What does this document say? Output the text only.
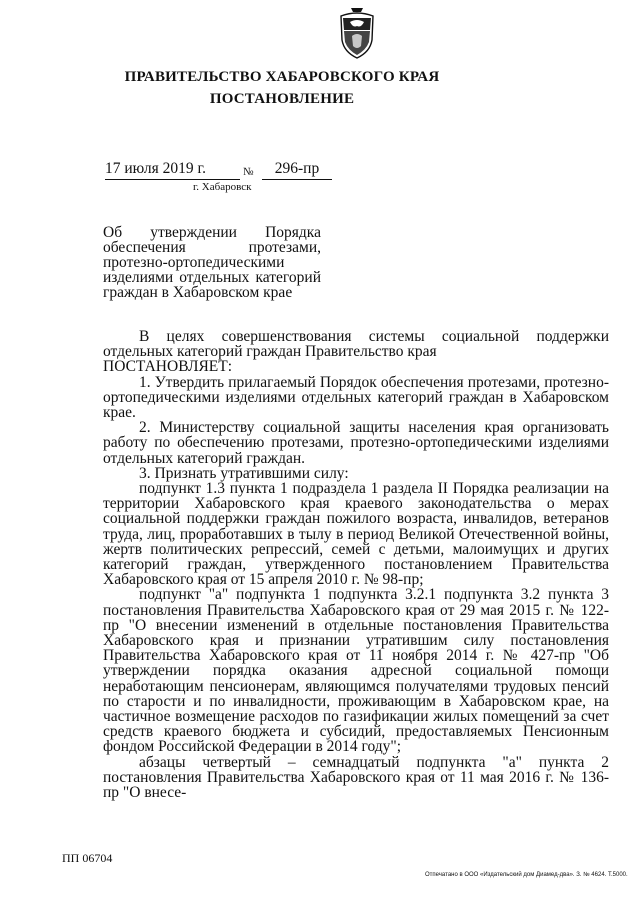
ПРАВИТЕЛЬСТВО ХАБАРОВСКОГО КРАЯ
ПОСТАНОВЛЕНИЕ
17 июля 2019 г.	№	296-пр
г. Хабаровск
Об утверждении Порядка обеспечения протезами, протезно-ортопедическими изделиями отдельных категорий граждан в Хабаровском крае

В целях совершенствования системы социальной поддержки отдельных категорий граждан Правительство края

ПОСТАНОВЛЯЕТ:

1. Утвердить прилагаемый Порядок обеспечения протезами, протезно-ортопедическими изделиями отдельных категорий граждан в Хабаровском крае.

2. Министерству социальной защиты населения края организовать работу по обеспечению протезами, протезно-ортопедическими изделиями отдельных категорий граждан.

3. Признать утратившими силу:

подпункт 1.3 пункта 1 подраздела 1 раздела II Порядка реализации на территории Хабаровского края краевого законодательства о мерах социальной поддержки граждан пожилого возраста, инвалидов, ветеранов труда, лиц, проработавших в тылу в период Великой Отечественной войны, жертв политических репрессий, семей с детьми, малоимущих и других категорий граждан, утвержденного постановлением Правительства Хабаровского края от 15 апреля 2010 г. № 98-пр;

подпункт "а" подпункта 1 подпункта 3.2.1 подпункта 3.2 пункта 3 постановления Правительства Хабаровского края от 29 мая 2015 г. № 122-пр "О внесении изменений в отдельные постановления Правительства Хабаровского края и признании утратившим силу постановления Правительства Хабаровского края от 11 ноября 2014 г. № 427-пр "Об утверждении порядка оказания адресной социальной помощи неработающим пенсионерам, являющимся получателями трудовых пенсий по старости и по инвалидности, проживающим в Хабаровском крае, на частичное возмещение расходов по газификации жилых помещений за счет средств краевого бюджета и субсидий, предоставляемых Пенсионным фондом Российской Федерации в 2014 году";

абзацы четвертый – семнадцатый подпункта "а" пункта 2 постановления Правительства Хабаровского края от 11 мая 2016 г. № 136-пр "О внесе-

ПП 06704
Отпечатано в ООО «Издательский дом Диамед-два». З. № 4624. Т.5000.
